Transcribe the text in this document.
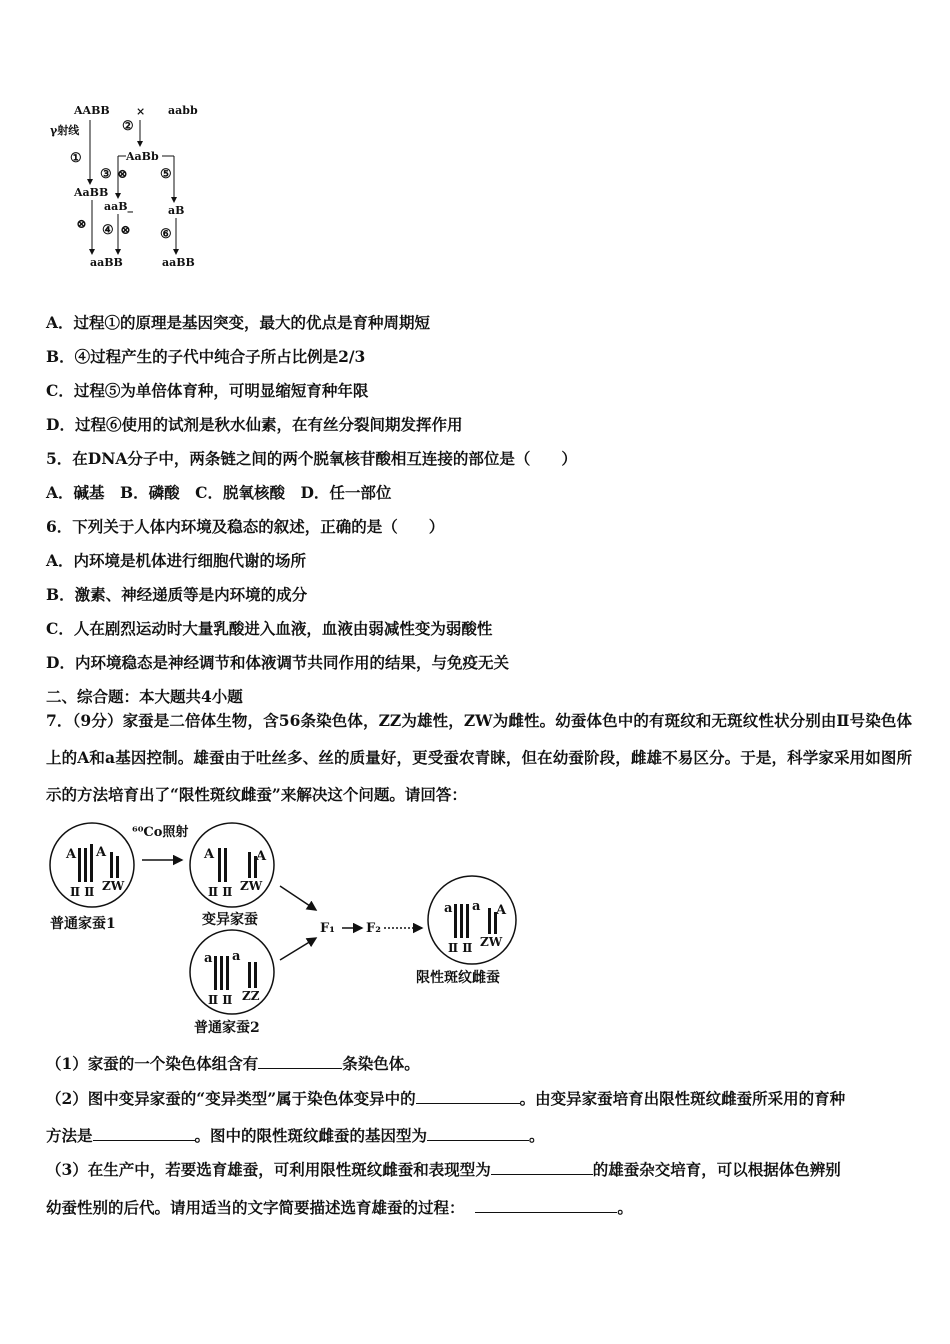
AABB × aabb
γ射线
①
②
AaBb
③ ⊗ ⑤
AaBB
⊗
aaB_
④ ⊗
aB
⑥
aaBB	aaBB
A．过程①的原理是基因突变，最大的优点是育种周期短
B．④过程产生的子代中纯合子所占比例是2/3
C．过程⑤为单倍体育种，可明显缩短育种年限
D．过程⑥使用的试剂是秋水仙素，在有丝分裂间期发挥作用
5．在DNA分子中，两条链之间的两个脱氧核苷酸相互连接的部位是（　　）
A．碱基　B．磷酸　C．脱氧核酸　D．任一部位
6．下列关于人体内环境及稳态的叙述，正确的是（　　）
A．内环境是机体进行细胞代谢的场所
B．激素、神经递质等是内环境的成分
C．人在剧烈运动时大量乳酸进入血液，血液由弱减性变为弱酸性
D．内环境稳态是神经调节和体液调节共同作用的结果，与免疫无关
二、综合题：本大题共4小题
7．（9分）家蚕是二倍体生物，含56条染色体，ZZ为雄性，ZW为雌性。幼蚕体色中的有斑纹和无斑纹性状分别由Ⅱ号染色体上的A和a基因控制。雄蚕由于吐丝多、丝的质量好，更受蚕农青睐，但在幼蚕阶段，雌雄不易区分。于是，科学家采用如图所示的方法培育出了“限性斑纹雌蚕”来解决这个问题。请回答：
⁶⁰Co照射
A A
Ⅱ Ⅱ ZW
普通家蚕1
A	A
Ⅱ Ⅱ ZW
变异家蚕
a a
Ⅱ Ⅱ ZZ
普通家蚕2
F₁ F₂
a a A
Ⅱ Ⅱ ZW
限性斑纹雌蚕
（1）家蚕的一个染色体组含有	条染色体。
（2）图中变异家蚕的“变异类型”属于染色体变异中的	。由变异家蚕培育出限性斑纹雌蚕所采用的育种
方法是	。图中的限性斑纹雌蚕的基因型为	。
（3）在生产中，若要选育雄蚕，可利用限性斑纹雌蚕和表现型为	的雄蚕杂交培育，可以根据体色辨别
幼蚕性别的后代。请用适当的文字简要描述选育雄蚕的过程：	。
